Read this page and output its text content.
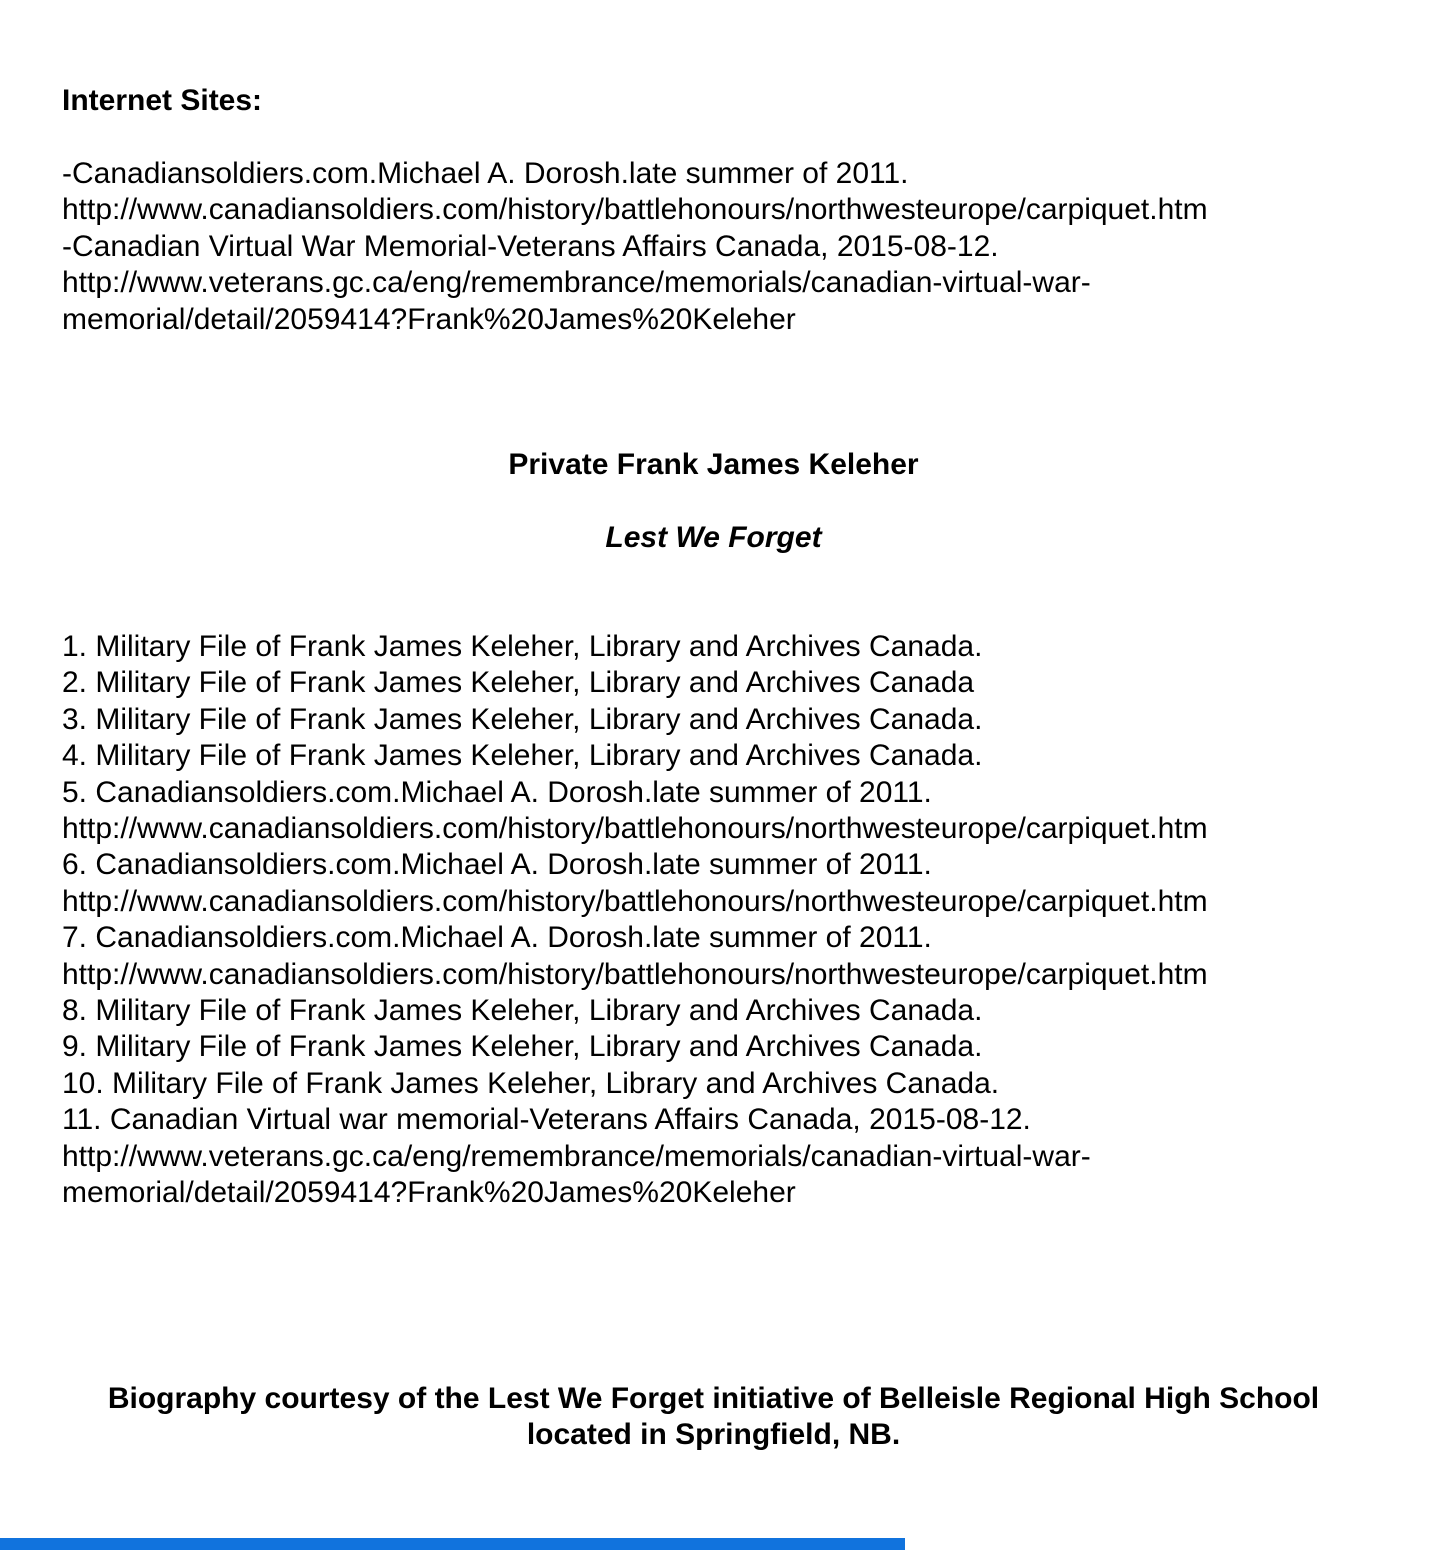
Internet Sites:
-Canadiansoldiers.com.Michael A. Dorosh.late summer of 2011.
http://www.canadiansoldiers.com/history/battlehonours/northwesteurope/carpiquet.htm
-Canadian Virtual War Memorial-Veterans Affairs Canada, 2015-08-12.
http://www.veterans.gc.ca/eng/remembrance/memorials/canadian-virtual-war-
memorial/detail/2059414?Frank%20James%20Keleher
Private Frank James Keleher
Lest We Forget
1. Military File of Frank James Keleher, Library and Archives Canada.
2. Military File of Frank James Keleher, Library and Archives Canada
3. Military File of Frank James Keleher, Library and Archives Canada.
4. Military File of Frank James Keleher, Library and Archives Canada.
5. Canadiansoldiers.com.Michael A. Dorosh.late summer of 2011.
http://www.canadiansoldiers.com/history/battlehonours/northwesteurope/carpiquet.htm
6. Canadiansoldiers.com.Michael A. Dorosh.late summer of 2011.
http://www.canadiansoldiers.com/history/battlehonours/northwesteurope/carpiquet.htm
7. Canadiansoldiers.com.Michael A. Dorosh.late summer of 2011.
http://www.canadiansoldiers.com/history/battlehonours/northwesteurope/carpiquet.htm
8. Military File of Frank James Keleher, Library and Archives Canada.
9. Military File of Frank James Keleher, Library and Archives Canada.
10. Military File of Frank James Keleher, Library and Archives Canada.
11. Canadian Virtual war memorial-Veterans Affairs Canada, 2015-08-12.
http://www.veterans.gc.ca/eng/remembrance/memorials/canadian-virtual-war-
memorial/detail/2059414?Frank%20James%20Keleher
Biography courtesy of the Lest We Forget initiative of Belleisle Regional High School
located in Springfield, NB.
